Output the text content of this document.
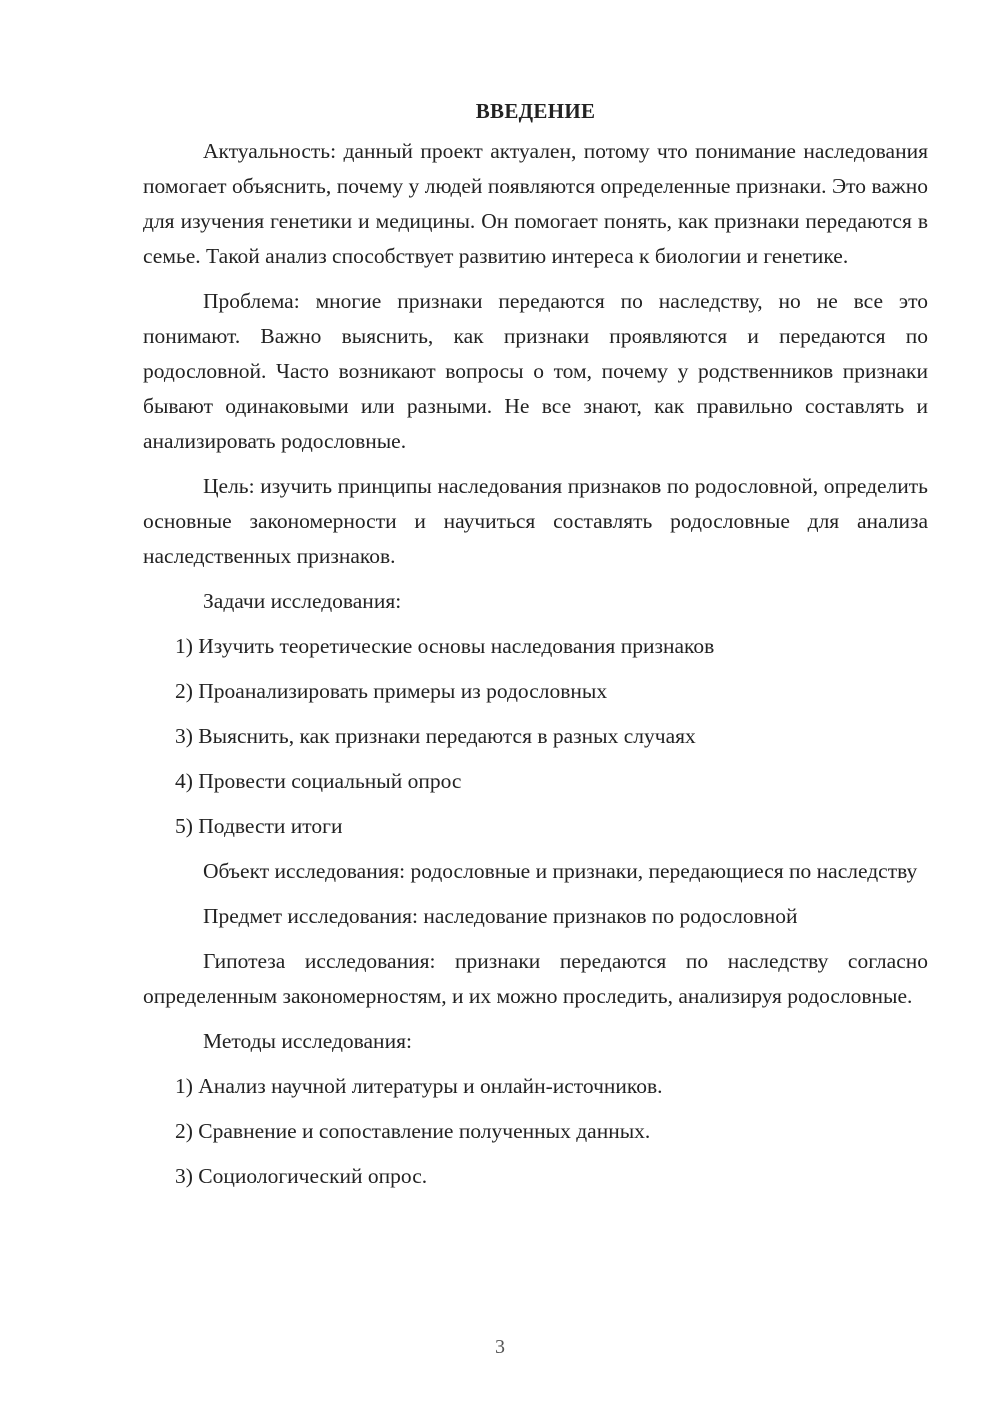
ВВЕДЕНИЕ

Актуальность: данный проект актуален, потому что понимание наследования помогает объяснить, почему у людей появляются определенные признаки. Это важно для изучения генетики и медицины. Он помогает понять, как признаки передаются в семье. Такой анализ способствует развитию интереса к биологии и генетике.

Проблема: многие признаки передаются по наследству, но не все это понимают. Важно выяснить, как признаки проявляются и передаются по родословной. Часто возникают вопросы о том, почему у родственников признаки бывают одинаковыми или разными. Не все знают, как правильно составлять и анализировать родословные.

Цель: изучить принципы наследования признаков по родословной, определить основные закономерности и научиться составлять родословные для анализа наследственных признаков.

Задачи исследования:

1) Изучить теоретические основы наследования признаков
2) Проанализировать примеры из родословных
3) Выяснить, как признаки передаются в разных случаях
4) Провести социальный опрос
5) Подвести итоги

Объект исследования: родословные и признаки, передающиеся по наследству

Предмет исследования: наследование признаков по родословной

Гипотеза исследования: признаки передаются по наследству согласно определенным закономерностям, и их можно проследить, анализируя родословные.

Методы исследования:

1) Анализ научной литературы и онлайн-источников.
2) Сравнение и сопоставление полученных данных.
3) Социологический опрос.
3
